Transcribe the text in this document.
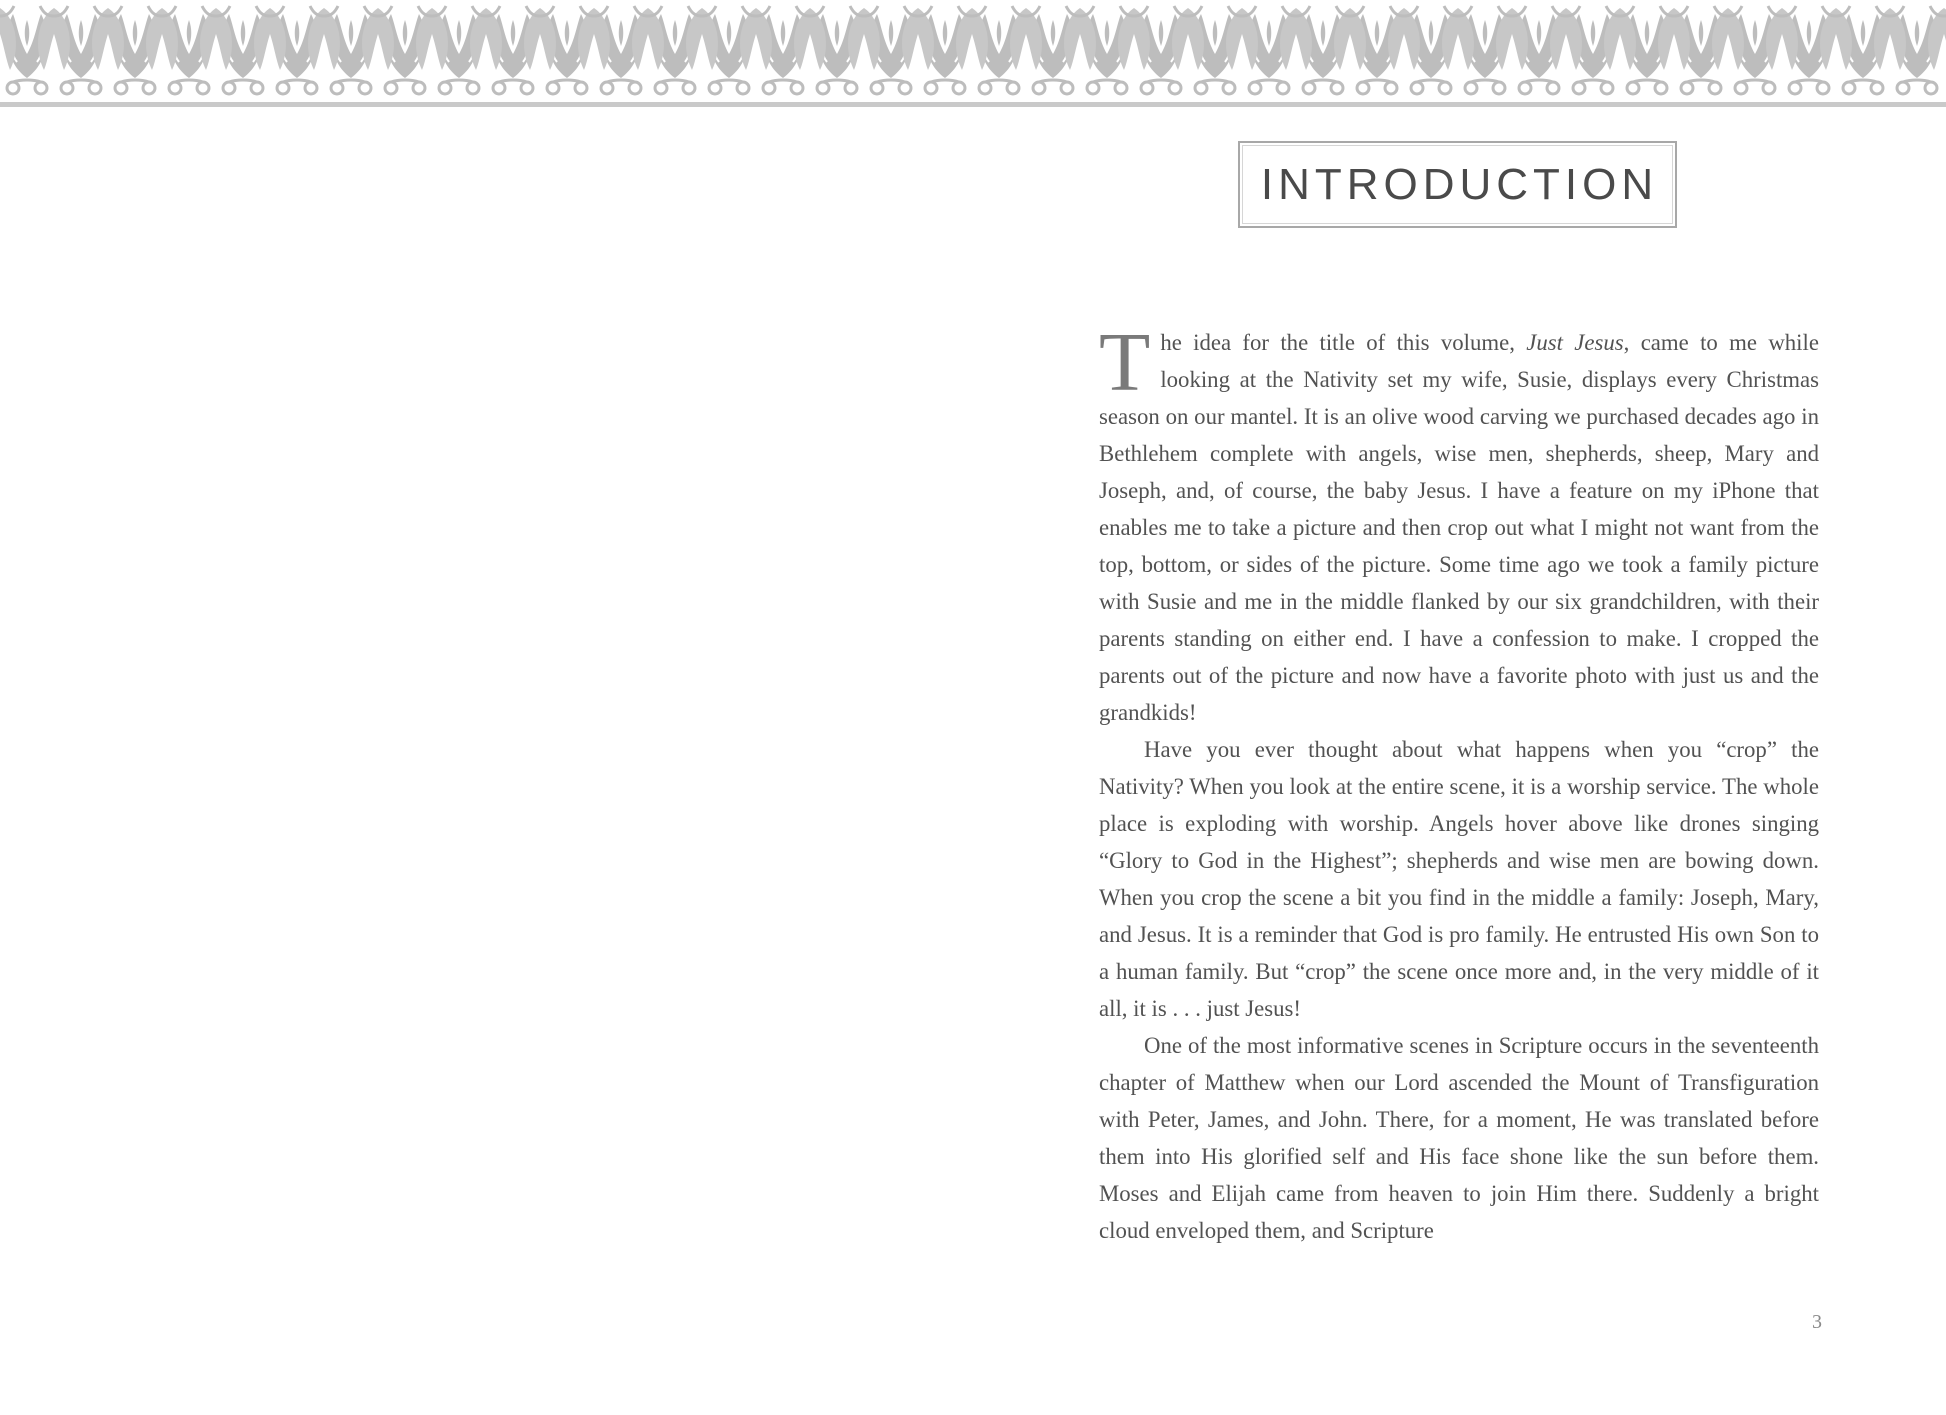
INTRODUCTION

The idea for the title of this volume, Just Jesus, came to me while looking at the Nativity set my wife, Susie, displays every Christmas season on our mantel. It is an olive wood carving we purchased decades ago in Bethlehem complete with angels, wise men, shepherds, sheep, Mary and Joseph, and, of course, the baby Jesus. I have a feature on my iPhone that enables me to take a picture and then crop out what I might not want from the top, bottom, or sides of the picture. Some time ago we took a family picture with Susie and me in the middle flanked by our six grandchildren, with their parents standing on either end. I have a confession to make. I cropped the parents out of the picture and now have a favorite photo with just us and the grandkids!

Have you ever thought about what happens when you “crop” the Nativity? When you look at the entire scene, it is a worship service. The whole place is exploding with worship. Angels hover above like drones singing “Glory to God in the Highest”; shepherds and wise men are bowing down. When you crop the scene a bit you find in the middle a family: Joseph, Mary, and Jesus. It is a reminder that God is pro family. He entrusted His own Son to a human family. But “crop” the scene once more and, in the very middle of it all, it is . . . just Jesus!

One of the most informative scenes in Scripture occurs in the seventeenth chapter of Matthew when our Lord ascended the Mount of Transfiguration with Peter, James, and John. There, for a moment, He was translated before them into His glorified self and His face shone like the sun before them. Moses and Elijah came from heaven to join Him there. Suddenly a bright cloud enveloped them, and Scripture

3
